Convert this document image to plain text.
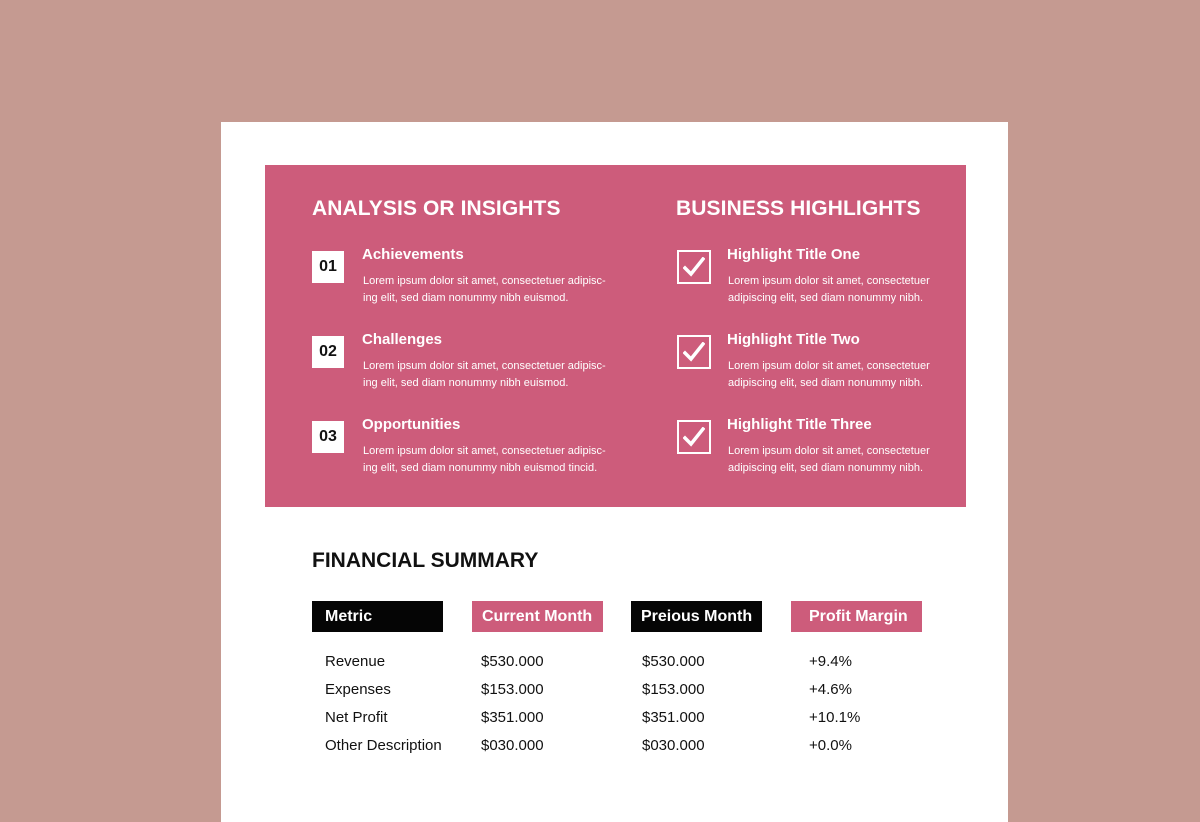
ANALYSIS OR INSIGHTS
01
Achievements
Lorem ipsum dolor sit amet, consectetuer adipisc-ing elit, sed diam nonummy nibh euismod.
02
Challenges
Lorem ipsum dolor sit amet, consectetuer adipisc-ing elit, sed diam nonummy nibh euismod.
03
Opportunities
Lorem ipsum dolor sit amet, consectetuer adipisc-ing elit, sed diam nonummy nibh euismod tincid.
BUSINESS HIGHLIGHTS
Highlight Title One
Lorem ipsum dolor sit amet, consectetuer adipiscing elit, sed diam nonummy nibh.
Highlight Title Two
Lorem ipsum dolor sit amet, consectetuer adipiscing elit, sed diam nonummy nibh.
Highlight Title Three
Lorem ipsum dolor sit amet, consectetuer adipiscing elit, sed diam nonummy nibh.
FINANCIAL SUMMARY
Metric	Current Month	Preious Month	Profit Margin
Revenue	$530.000	$530.000	+9.4%
Expenses	$153.000	$153.000	+4.6%
Net Profit	$351.000	$351.000	+10.1%
Other Description	$030.000	$030.000	+0.0%
